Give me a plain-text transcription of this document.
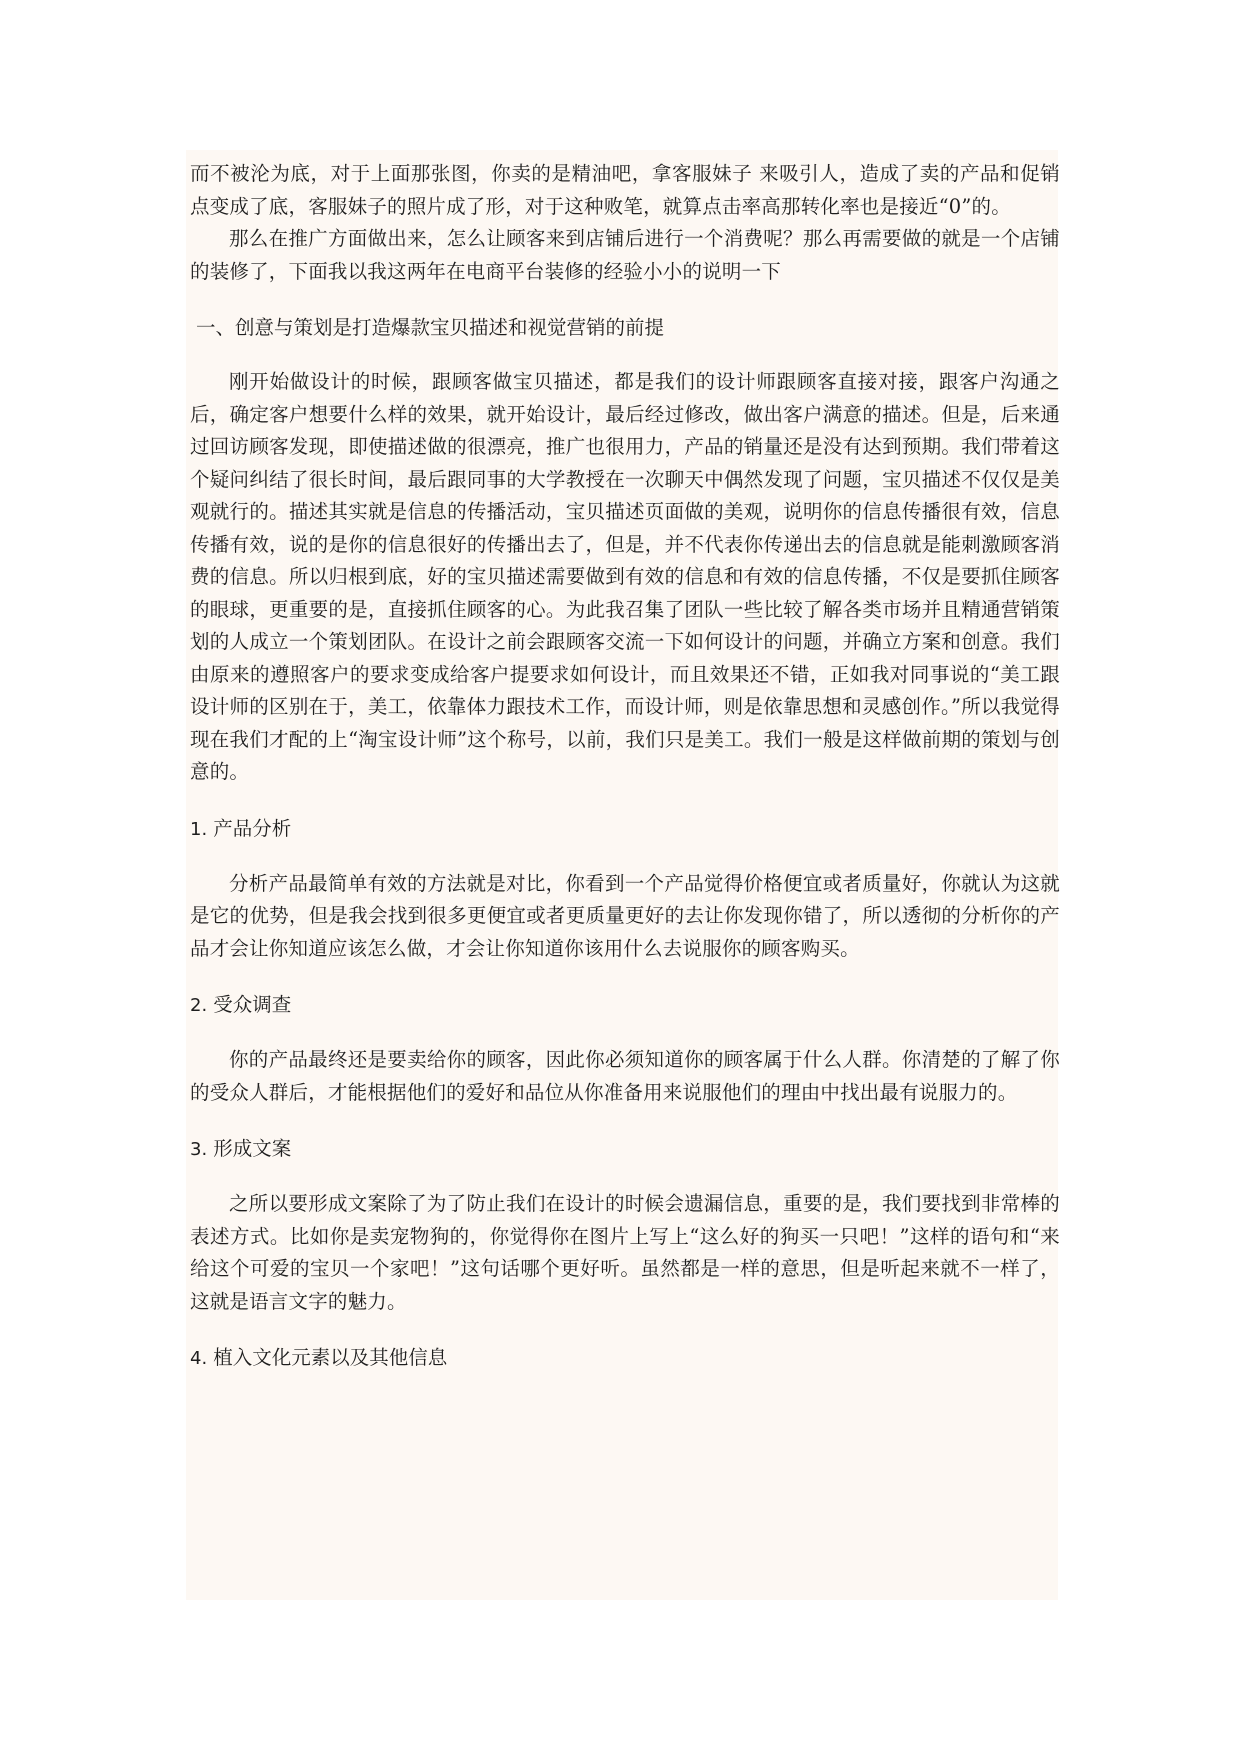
而不被沦为底，对于上面那张图，你卖的是精油吧，拿客服妹子 来吸引人，造成了卖的产品和促销点变成了底，客服妹子的照片成了形，对于这种败笔，就算点击率高那转化率也是接近“0”的。

那么在推广方面做出来，怎么让顾客来到店铺后进行一个消费呢？那么再需要做的就是一个店铺的装修了，下面我以我这两年在电商平台装修的经验小小的说明一下

一、创意与策划是打造爆款宝贝描述和视觉营销的前提

刚开始做设计的时候，跟顾客做宝贝描述，都是我们的设计师跟顾客直接对接，跟客户沟通之后，确定客户想要什么样的效果，就开始设计，最后经过修改，做出客户满意的描述。但是，后来通过回访顾客发现，即使描述做的很漂亮，推广也很用力，产品的销量还是没有达到预期。我们带着这个疑问纠结了很长时间，最后跟同事的大学教授在一次聊天中偶然发现了问题，宝贝描述不仅仅是美观就行的。描述其实就是信息的传播活动，宝贝描述页面做的美观，说明你的信息传播很有效，信息传播有效，说的是你的信息很好的传播出去了，但是，并不代表你传递出去的信息就是能刺激顾客消费的信息。所以归根到底，好的宝贝描述需要做到有效的信息和有效的信息传播，不仅是要抓住顾客的眼球，更重要的是，直接抓住顾客的心。为此我召集了团队一些比较了解各类市场并且精通营销策划的人成立一个策划团队。在设计之前会跟顾客交流一下如何设计的问题，并确立方案和创意。我们由原来的遵照客户的要求变成给客户提要求如何设计，而且效果还不错，正如我对同事说的“美工跟设计师的区别在于，美工，依靠体力跟技术工作，而设计师，则是依靠思想和灵感创作。”所以我觉得现在我们才配的上“淘宝设计师”这个称号，以前，我们只是美工。我们一般是这样做前期的策划与创意的。

1. 产品分析

分析产品最简单有效的方法就是对比，你看到一个产品觉得价格便宜或者质量好，你就认为这就是它的优势，但是我会找到很多更便宜或者更质量更好的去让你发现你错了，所以透彻的分析你的产品才会让你知道应该怎么做，才会让你知道你该用什么去说服你的顾客购买。

2. 受众调查

你的产品最终还是要卖给你的顾客，因此你必须知道你的顾客属于什么人群。你清楚的了解了你的受众人群后，才能根据他们的爱好和品位从你准备用来说服他们的理由中找出最有说服力的。

3. 形成文案

之所以要形成文案除了为了防止我们在设计的时候会遗漏信息，重要的是，我们要找到非常棒的表述方式。比如你是卖宠物狗的，你觉得你在图片上写上“这么好的狗买一只吧！”这样的语句和“来给这个可爱的宝贝一个家吧！”这句话哪个更好听。虽然都是一样的意思，但是听起来就不一样了，这就是语言文字的魅力。

4. 植入文化元素以及其他信息
